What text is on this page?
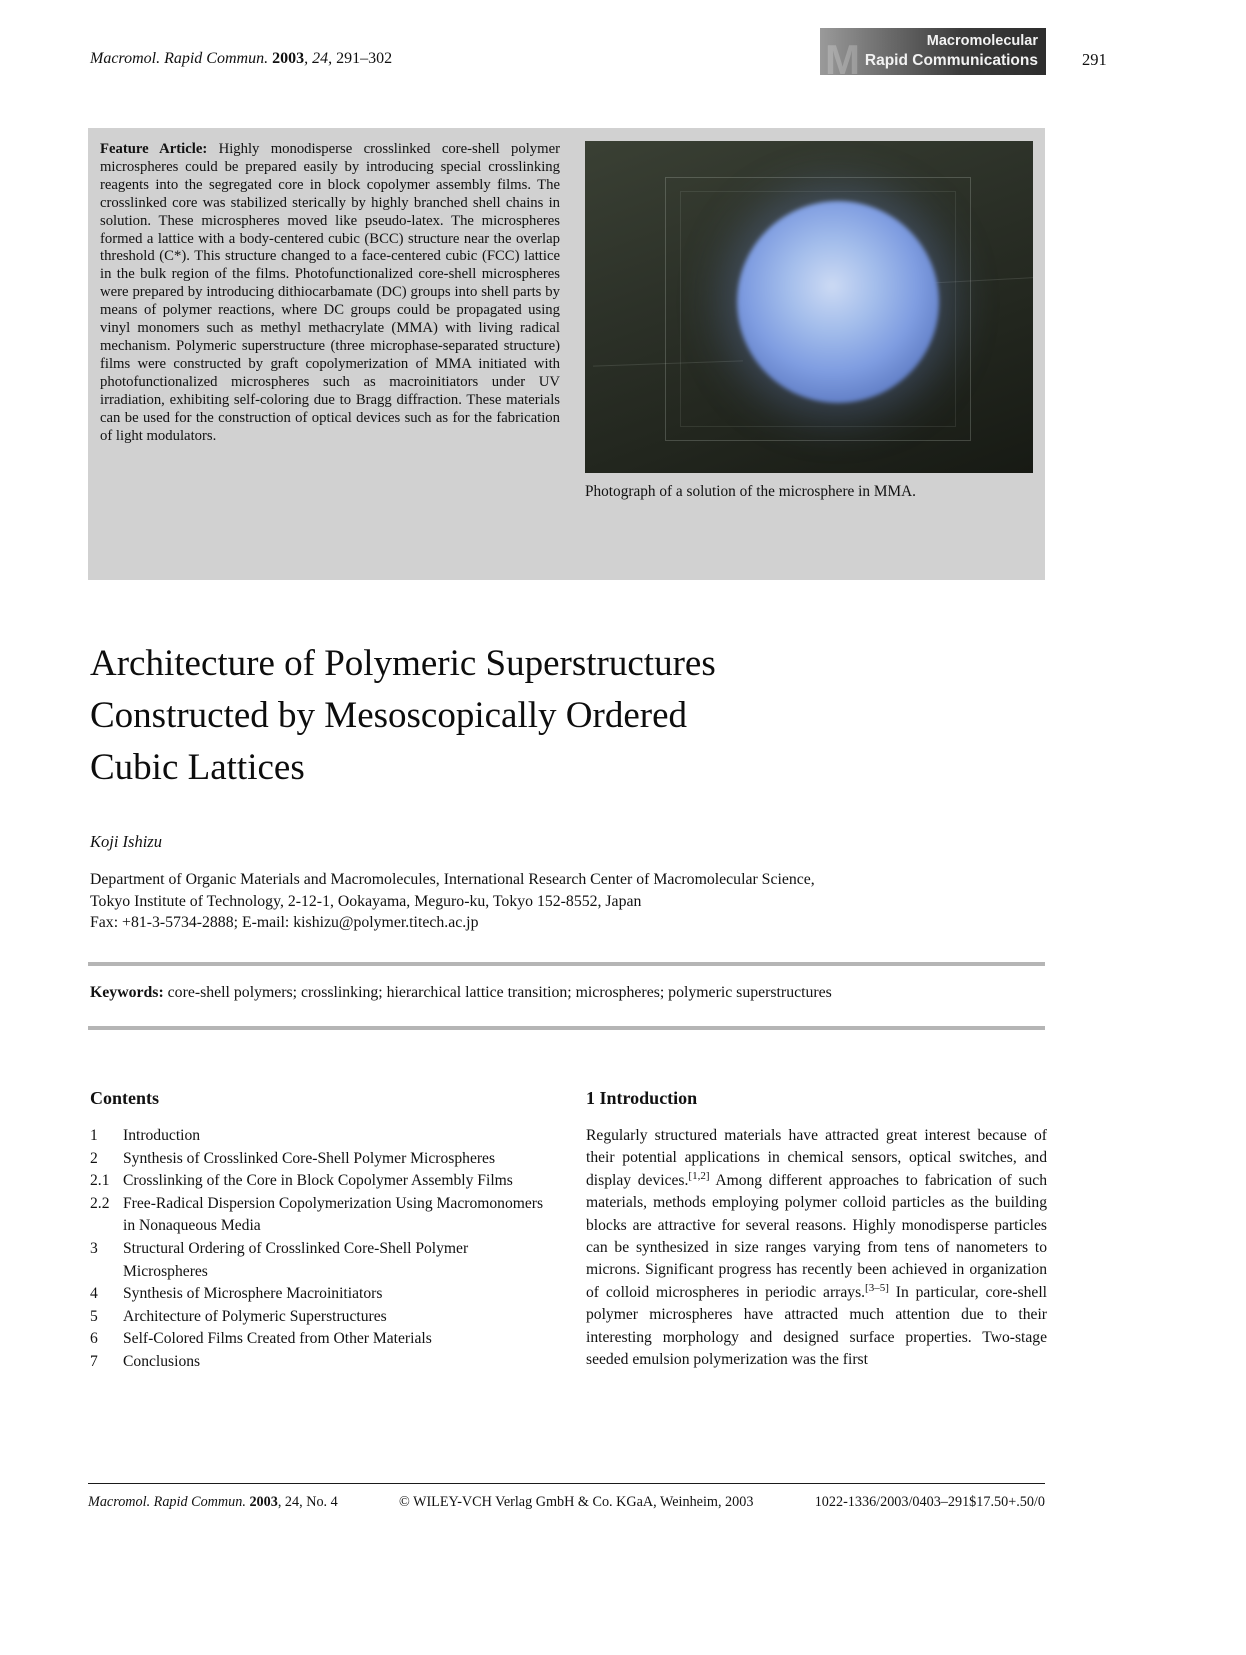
Macromol. Rapid Commun. 2003, 24, 291–302	M	Macromolecular
Rapid Communications	291
Feature Article: Highly monodisperse crosslinked core-shell polymer microspheres could be prepared easily by introducing special crosslinking reagents into the segregated core in block copolymer assembly films. The crosslinked core was stabilized sterically by highly branched shell chains in solution. These microspheres moved like pseudo-latex. The microspheres formed a lattice with a body-centered cubic (BCC) structure near the overlap threshold (C*). This structure changed to a face-centered cubic (FCC) lattice in the bulk region of the films. Photofunctionalized core-shell microspheres were prepared by introducing dithiocarbamate (DC) groups into shell parts by means of polymer reactions, where DC groups could be propagated using vinyl monomers such as methyl methacrylate (MMA) with living radical mechanism. Polymeric superstructure (three microphase-separated structure) films were constructed by graft copolymerization of MMA initiated with photofunctionalized microspheres such as macroinitiators under UV irradiation, exhibiting self-coloring due to Bragg diffraction. These materials can be used for the construction of optical devices such as for the fabrication of light modulators.
Photograph of a solution of the microsphere in MMA.
Architecture of Polymeric Superstructures
Constructed by Mesoscopically Ordered
Cubic Lattices
Koji Ishizu
Department of Organic Materials and Macromolecules, International Research Center of Macromolecular Science,
Tokyo Institute of Technology, 2-12-1, Ookayama, Meguro-ku, Tokyo 152-8552, Japan
Fax: +81-3-5734-2888; E-mail: kishizu@polymer.titech.ac.jp
Keywords: core-shell polymers; crosslinking; hierarchical lattice transition; microspheres; polymeric superstructures
Contents
1	Introduction
2	Synthesis of Crosslinked Core-Shell Polymer Microspheres
2.1 Crosslinking of the Core in Block Copolymer Assembly Films
2.2 Free-Radical Dispersion Copolymerization Using Macromonomers in Nonaqueous Media
3	Structural Ordering of Crosslinked Core-Shell Polymer Microspheres
4	Synthesis of Microsphere Macroinitiators
5	Architecture of Polymeric Superstructures
6	Self-Colored Films Created from Other Materials
7	Conclusions
1 Introduction

Regularly structured materials have attracted great interest because of their potential applications in chemical sensors, optical switches, and display devices.[1,2] Among different approaches to fabrication of such materials, methods employing polymer colloid particles as the building blocks are attractive for several reasons. Highly monodisperse particles can be synthesized in size ranges varying from tens of nanometers to microns. Significant progress has recently been achieved in organization of colloid microspheres in periodic arrays.[3–5] In particular, core-shell polymer microspheres have attracted much attention due to their interesting morphology and designed surface properties. Two-stage seeded emulsion polymerization was the first

Macromol. Rapid Commun. 2003, 24, No. 4	© WILEY-VCH Verlag GmbH & Co. KGaA, Weinheim, 2003	1022-1336/2003/0403–291$17.50+.50/0
